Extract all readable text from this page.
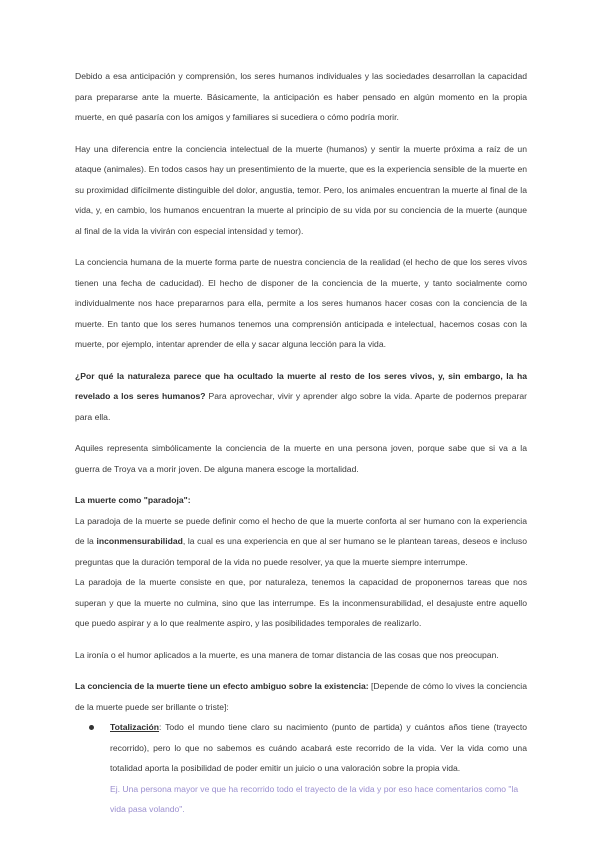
Debido a esa anticipación y comprensión, los seres humanos individuales y las sociedades desarrollan la capacidad para prepararse ante la muerte. Básicamente, la anticipación es haber pensado en algún momento en la propia muerte, en qué pasaría con los amigos y familiares si sucediera o cómo podría morir.

Hay una diferencia entre la conciencia intelectual de la muerte (humanos) y sentir la muerte próxima a raíz de un ataque (animales). En todos casos hay un presentimiento de la muerte, que es la experiencia sensible de la muerte en su proximidad difícilmente distinguible del dolor, angustia, temor. Pero, los animales encuentran la muerte al final de la vida, y, en cambio, los humanos encuentran la muerte al principio de su vida por su conciencia de la muerte (aunque al final de la vida la vivirán con especial intensidad y temor).

La conciencia humana de la muerte forma parte de nuestra conciencia de la realidad (el hecho de que los seres vivos tienen una fecha de caducidad). El hecho de disponer de la conciencia de la muerte, y tanto socialmente como individualmente nos hace prepararnos para ella, permite a los seres humanos hacer cosas con la conciencia de la muerte. En tanto que los seres humanos tenemos una comprensión anticipada e intelectual, hacemos cosas con la muerte, por ejemplo, intentar aprender de ella y sacar alguna lección para la vida.

¿Por qué la naturaleza parece que ha ocultado la muerte al resto de los seres vivos, y, sin embargo, la ha revelado a los seres humanos? Para aprovechar, vivir y aprender algo sobre la vida. Aparte de podernos preparar para ella.

Aquiles representa simbólicamente la conciencia de la muerte en una persona joven, porque sabe que si va a la guerra de Troya va a morir joven. De alguna manera escoge la mortalidad.

La muerte como "paradoja":

La paradoja de la muerte se puede definir como el hecho de que la muerte conforta al ser humano con la experiencia de la inconmensurabilidad, la cual es una experiencia en que al ser humano se le plantean tareas, deseos e incluso preguntas que la duración temporal de la vida no puede resolver, ya que la muerte siempre interrumpe.

La paradoja de la muerte consiste en que, por naturaleza, tenemos la capacidad de proponernos tareas que nos superan y que la muerte no culmina, sino que las interrumpe. Es la inconmensurabilidad, el desajuste entre aquello que puedo aspirar y a lo que realmente aspiro, y las posibilidades temporales de realizarlo.

La ironía o el humor aplicados a la muerte, es una manera de tomar distancia de las cosas que nos preocupan.

La conciencia de la muerte tiene un efecto ambiguo sobre la existencia: [Depende de cómo lo vives la conciencia de la muerte puede ser brillante o triste]:

Totalización: Todo el mundo tiene claro su nacimiento (punto de partida) y cuántos años tiene (trayecto recorrido), pero lo que no sabemos es cuándo acabará este recorrido de la vida. Ver la vida como una totalidad aporta la posibilidad de poder emitir un juicio o una valoración sobre la propia vida.
Ej. Una persona mayor ve que ha recorrido todo el trayecto de la vida y por eso hace comentarios como "la vida pasa volando".
